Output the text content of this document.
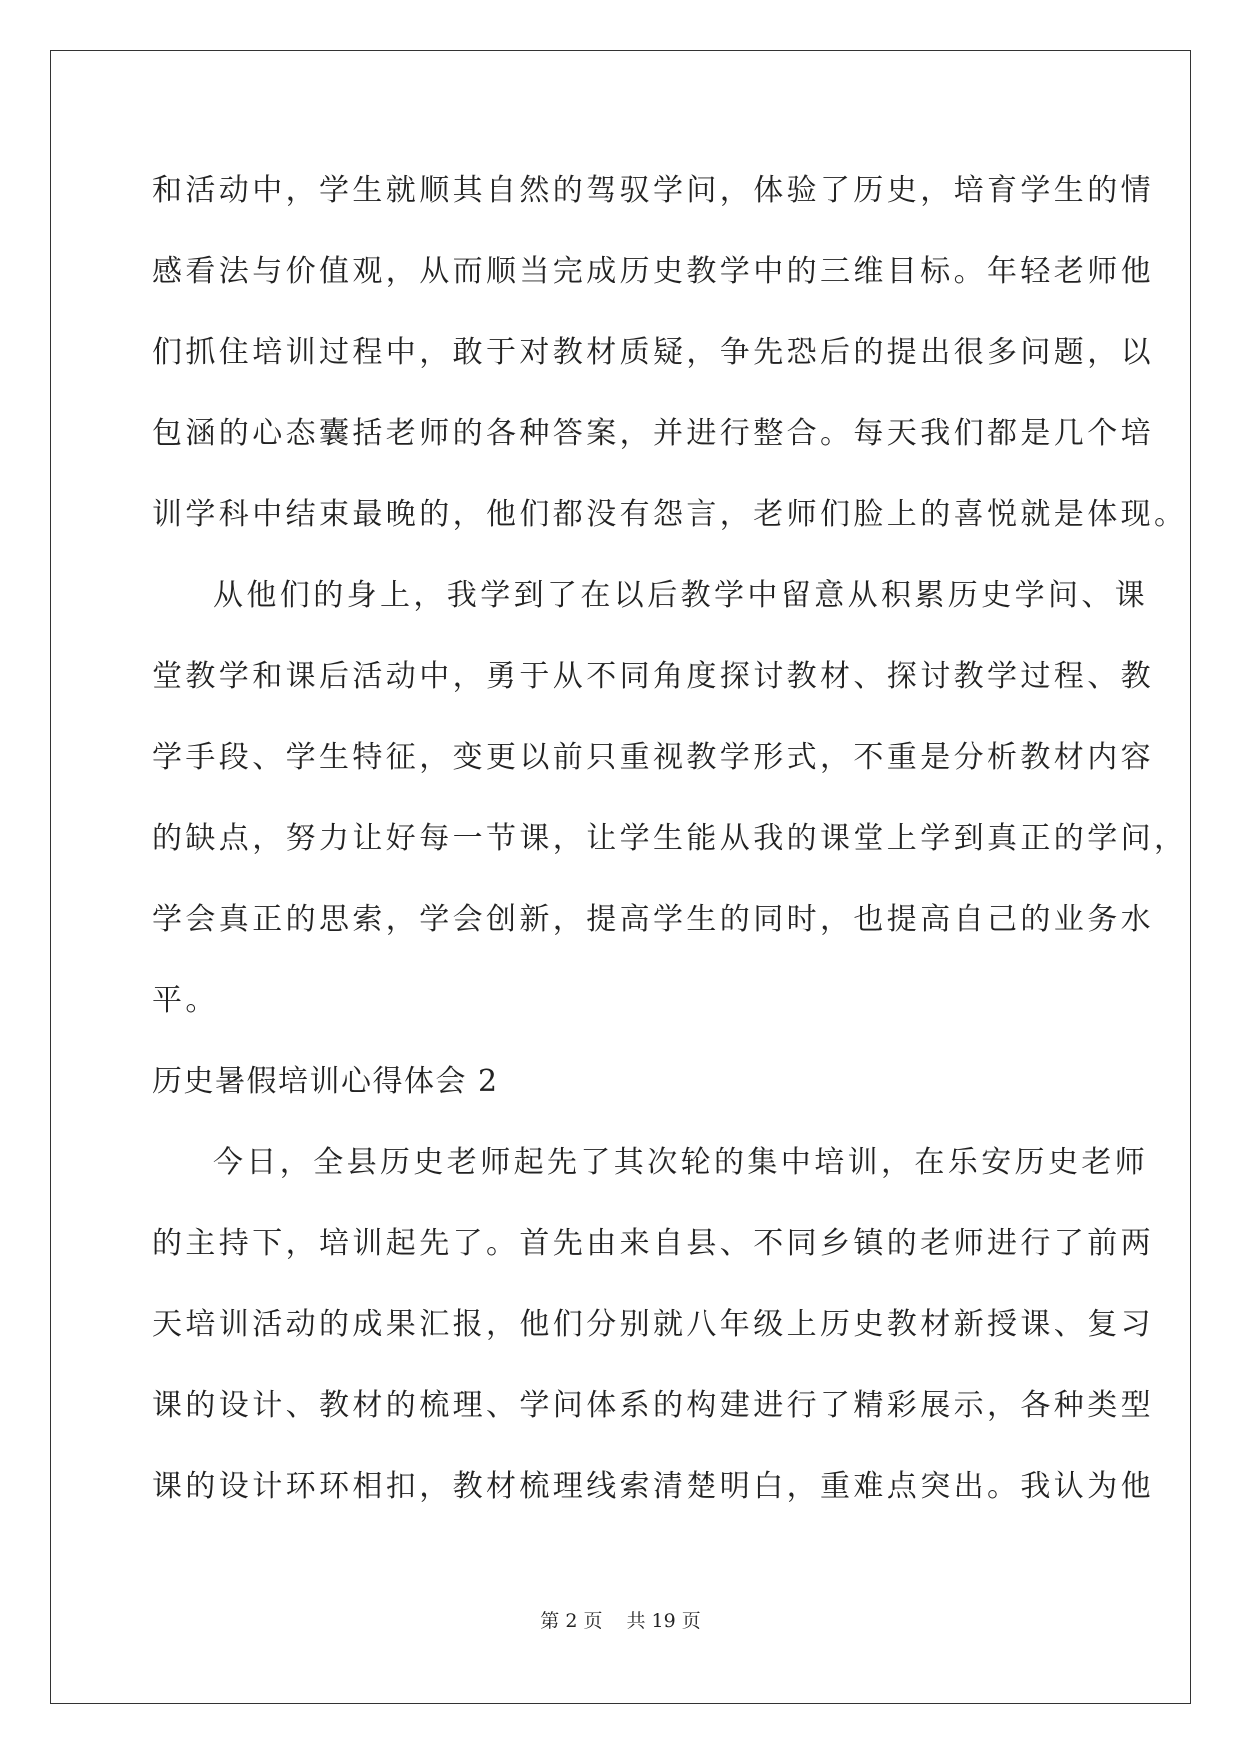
和活动中，学生就顺其自然的驾驭学问，体验了历史，培育学生的情
感看法与价值观，从而顺当完成历史教学中的三维目标。年轻老师他
们抓住培训过程中，敢于对教材质疑，争先恐后的提出很多问题，以
包涵的心态囊括老师的各种答案，并进行整合。每天我们都是几个培
训学科中结束最晚的，他们都没有怨言，老师们脸上的喜悦就是体现。
从他们的身上，我学到了在以后教学中留意从积累历史学问、课
堂教学和课后活动中，勇于从不同角度探讨教材、探讨教学过程、教
学手段、学生特征，变更以前只重视教学形式，不重是分析教材内容
的缺点，努力让好每一节课，让学生能从我的课堂上学到真正的学问，
学会真正的思索，学会创新，提高学生的同时，也提高自己的业务水
平。
历史暑假培训心得体会 2
今日，全县历史老师起先了其次轮的集中培训，在乐安历史老师
的主持下，培训起先了。首先由来自县、不同乡镇的老师进行了前两
天培训活动的成果汇报，他们分别就八年级上历史教材新授课、复习
课的设计、教材的梳理、学问体系的构建进行了精彩展示，各种类型
课的设计环环相扣，教材梳理线索清楚明白，重难点突出。我认为他
第 2 页 共 19 页
